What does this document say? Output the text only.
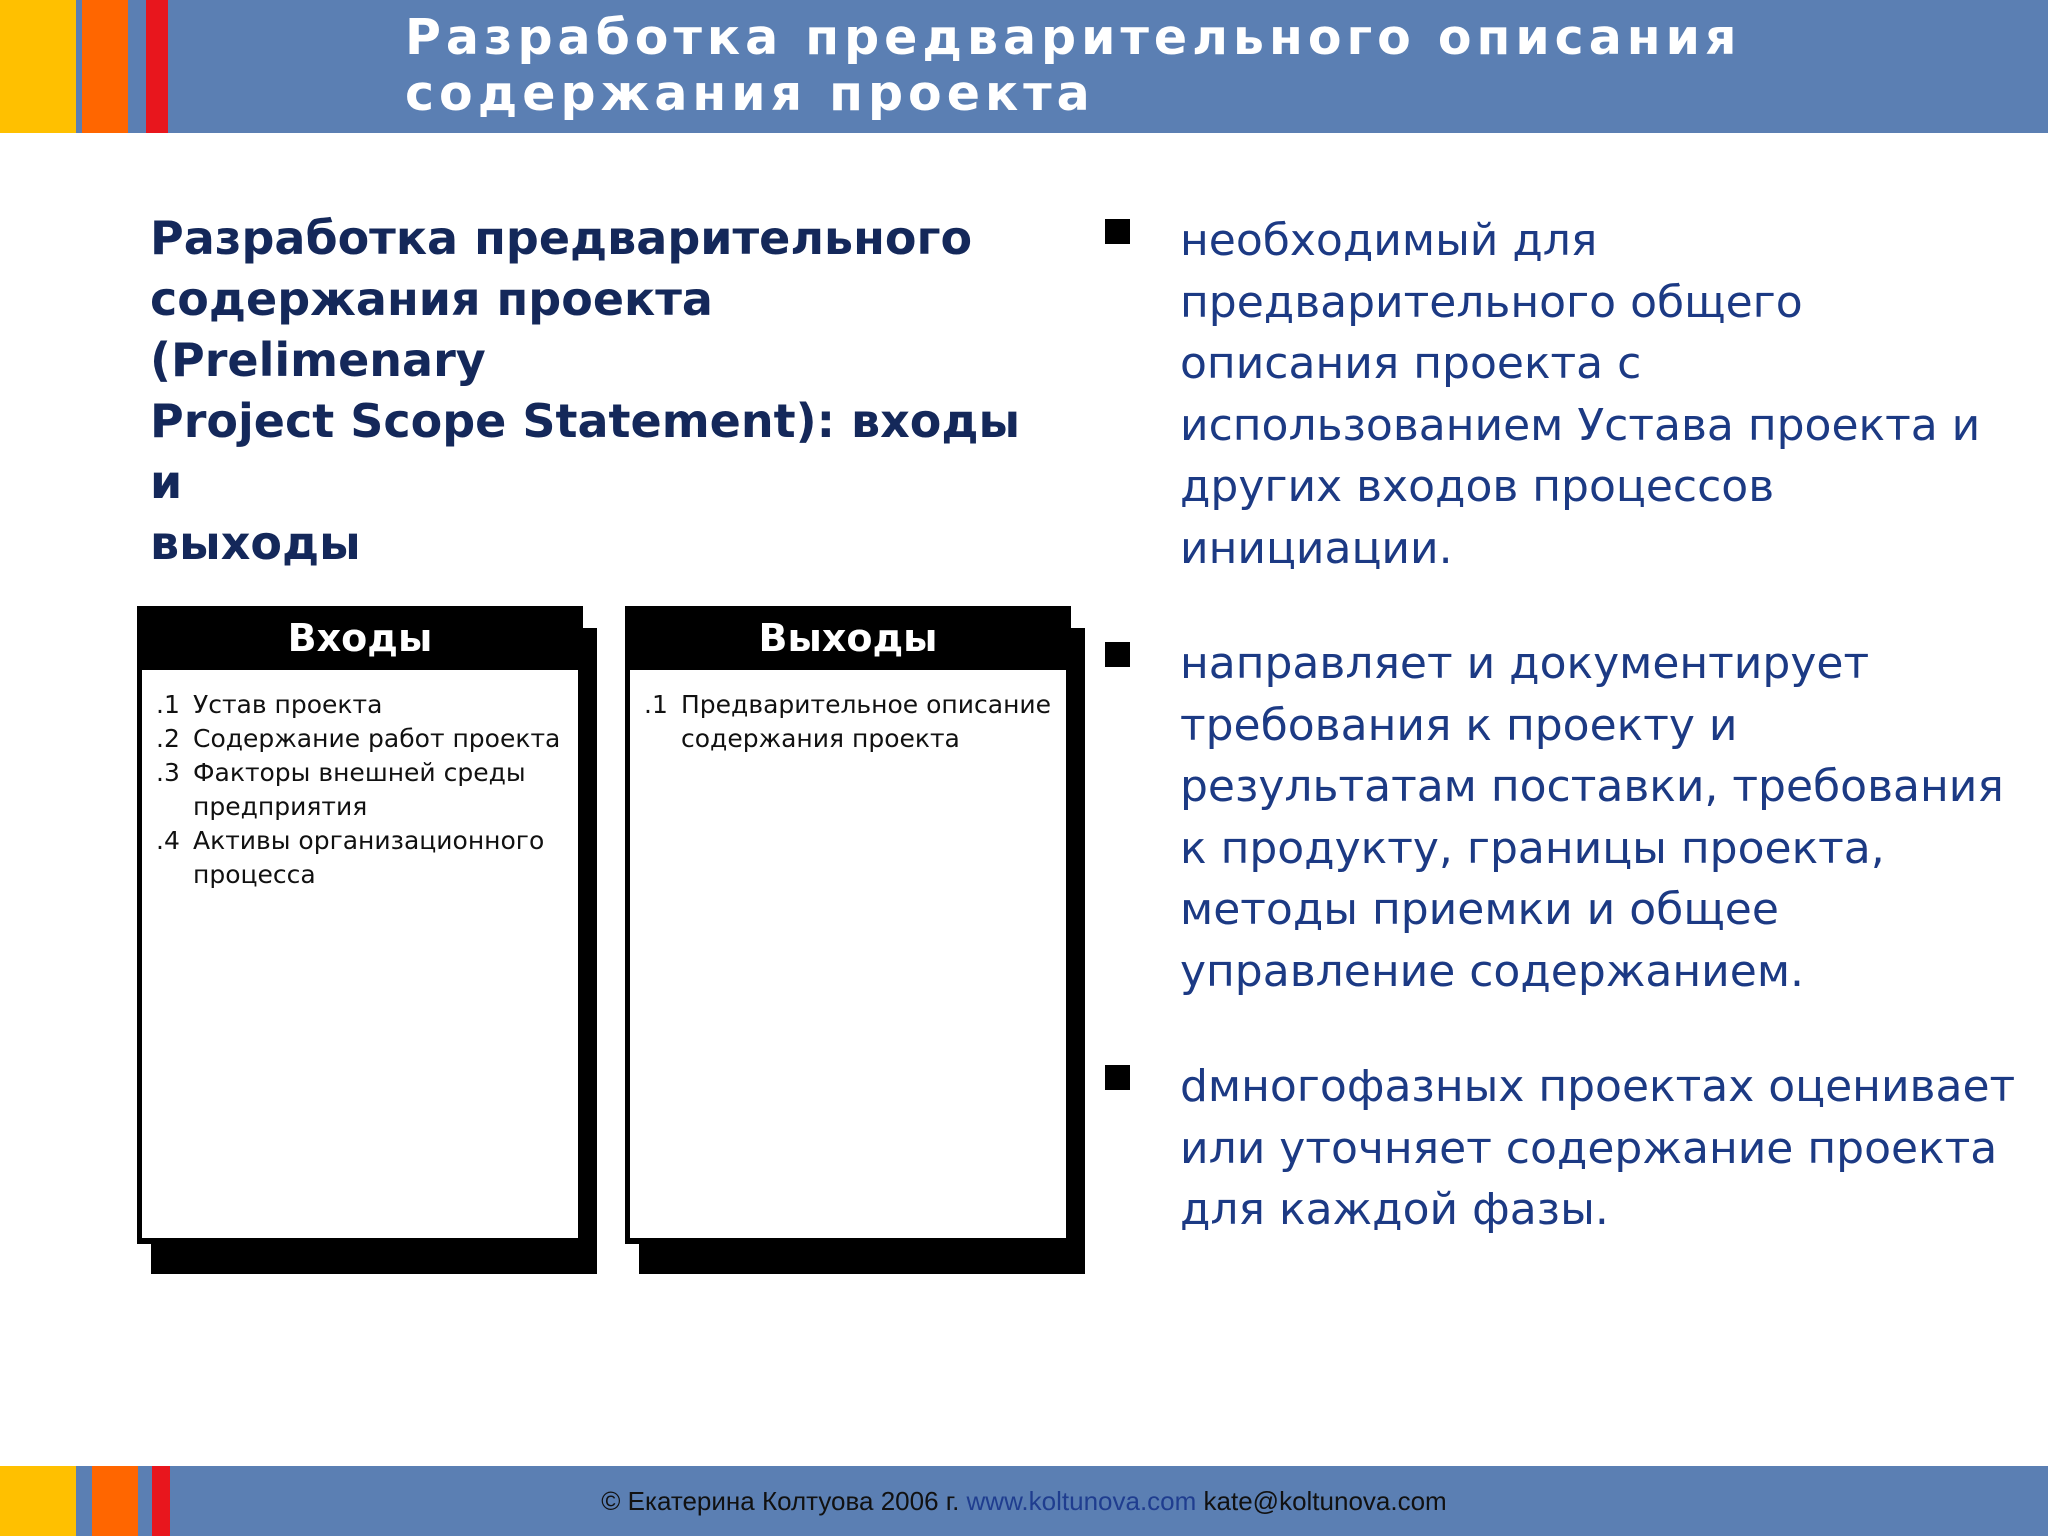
Разработка предварительного описания
содержания проекта
Разработка предварительного
содержания проекта (Prelimenary
Project Scope Statement): входы и
выходы
Входы
.1 Устав проекта
.2 Содержание работ проекта
.3 Факторы внешней среды предприятия
.4 Активы организационного процесса
Выходы
.1 Предварительное описание содержания проекта
необходимый для предварительного общего описания проекта с использованием Устава проекта и других входов процессов инициации.
направляет и документирует требования к проекту и результатам поставки, требования к продукту, границы проекта, методы приемки и общее управление содержанием.
dмногофазных проектах оценивает или уточняет содержание проекта для каждой фазы.
© Екатерина Колтуова 2006 г. www.koltunova.com kate@koltunova.com
